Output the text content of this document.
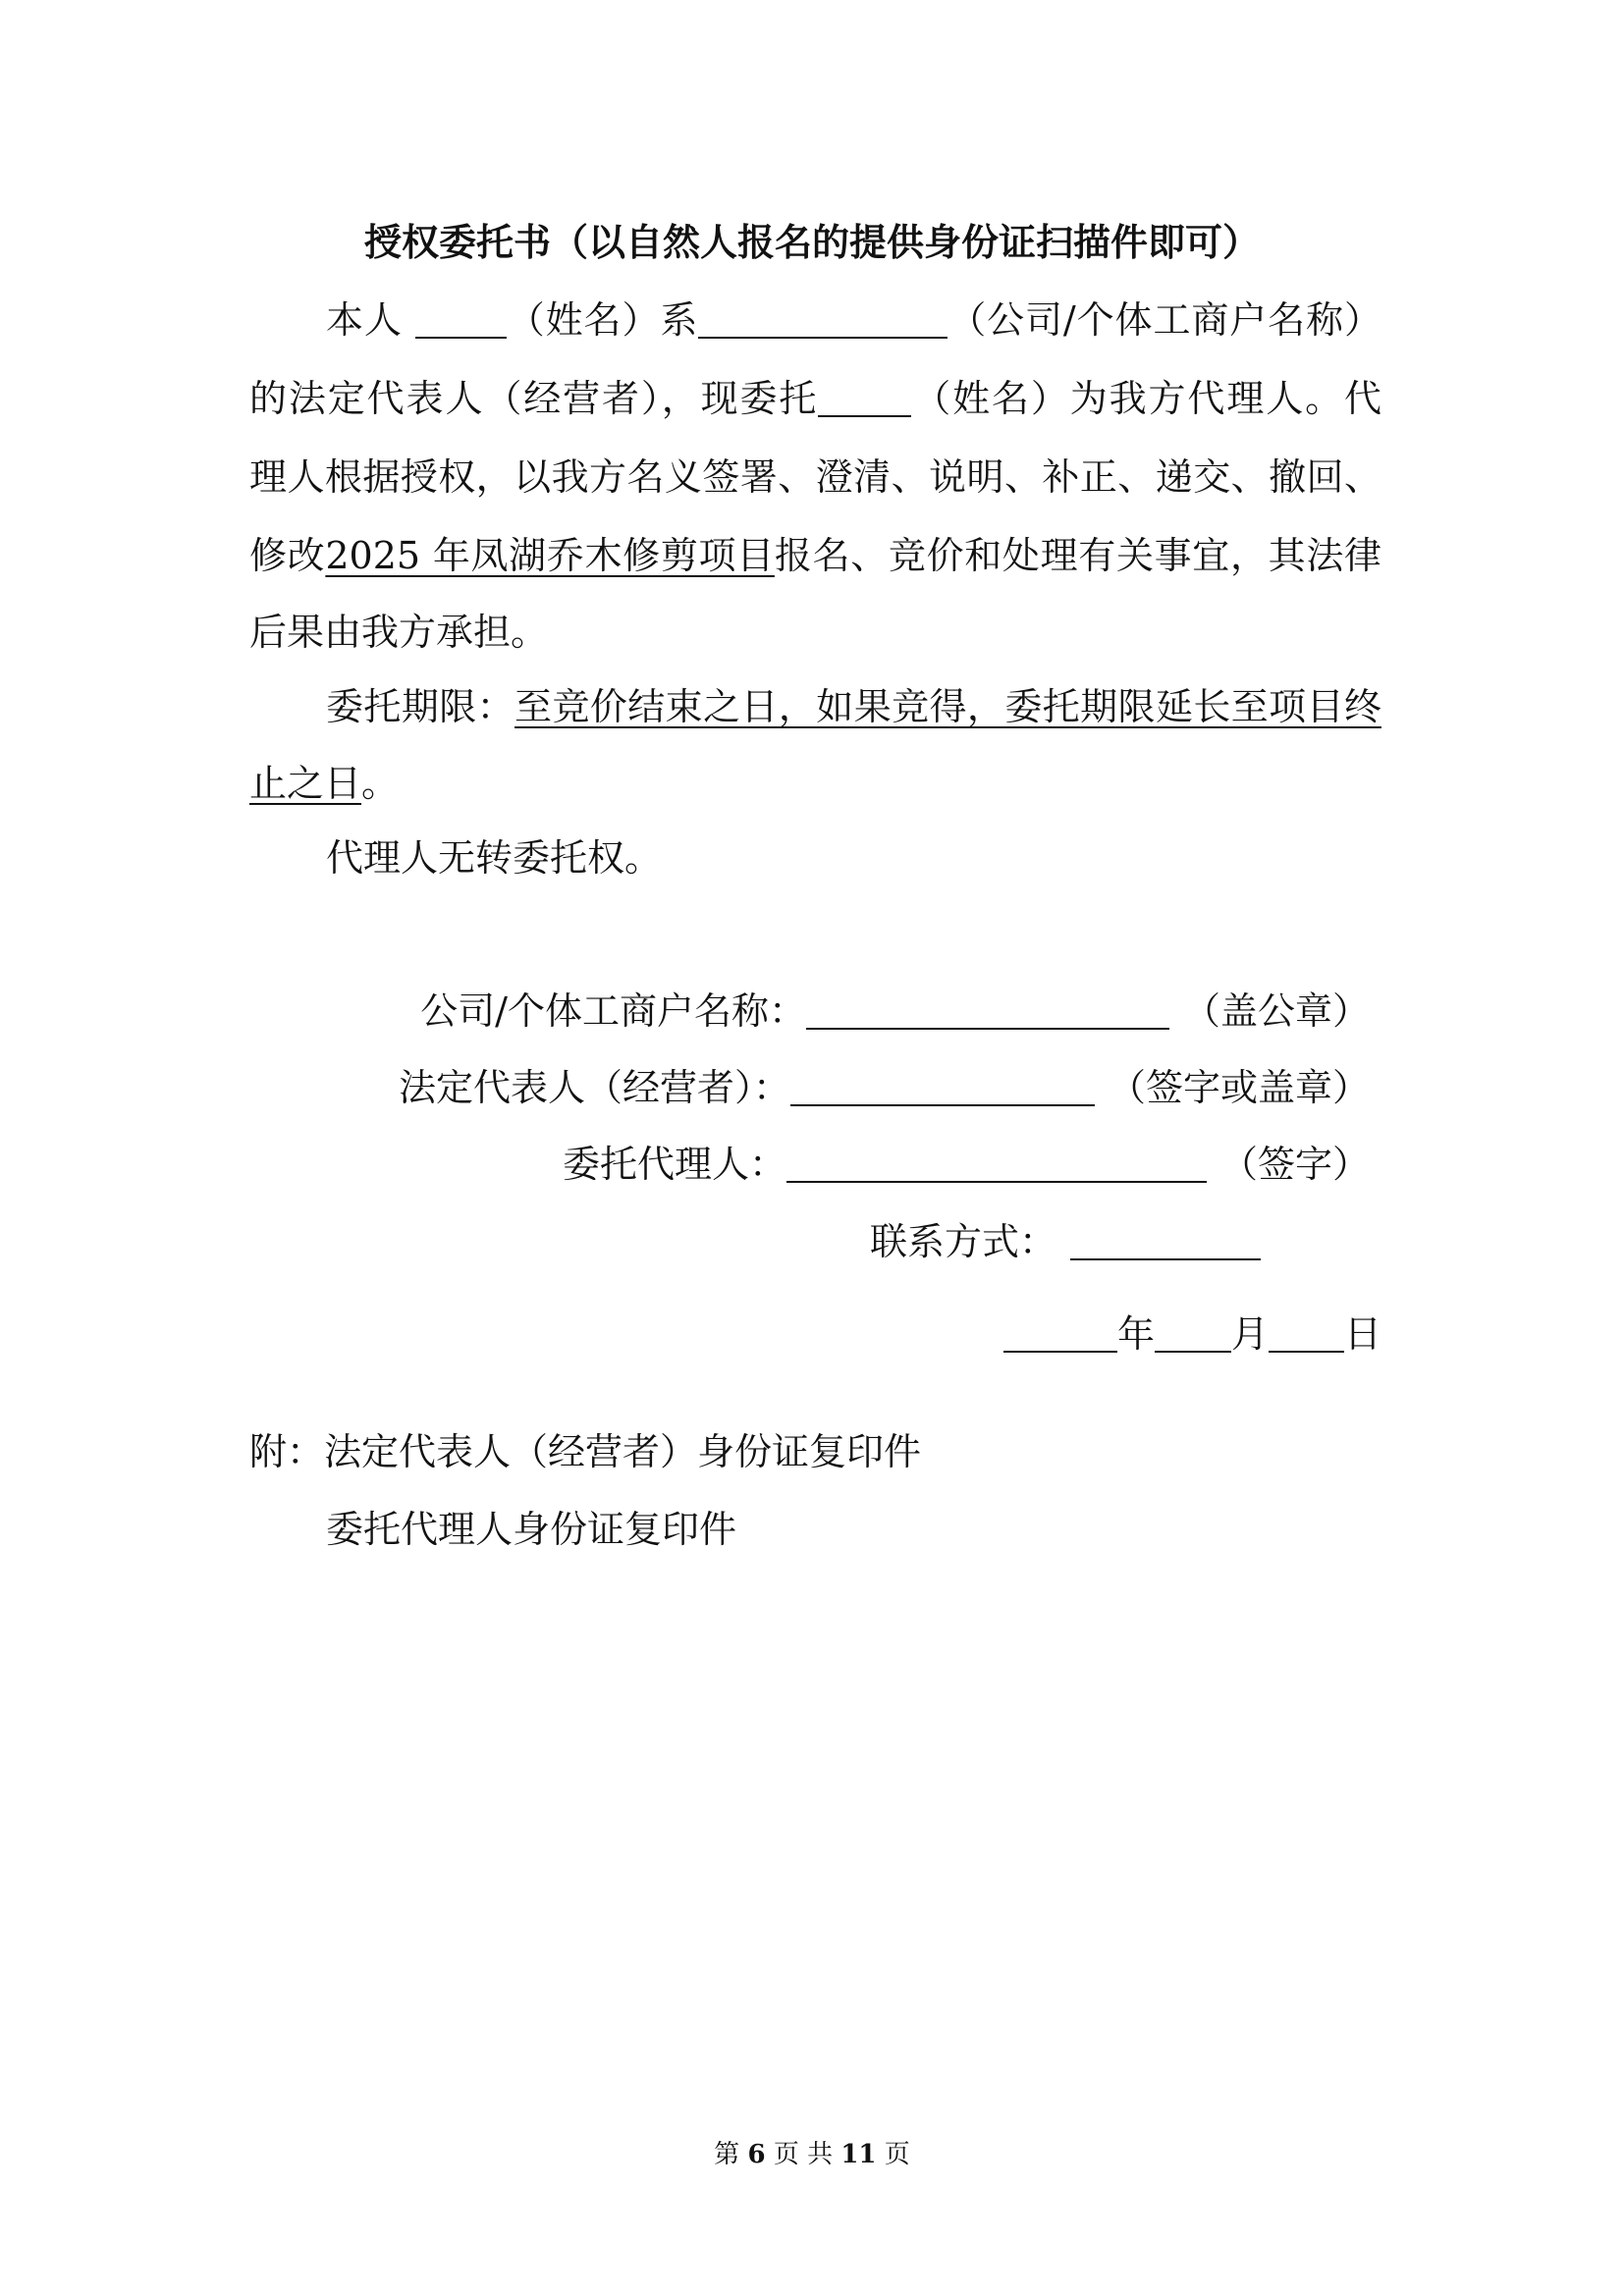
授权委托书（以自然人报名的提供身份证扫描件即可）
本人	（姓名）系	（公司/个体工商户名称）
的法定代表人（经营者），现委托	（姓名）为我方代理人。代
理人根据授权，以我方名义签署、澄清、说明、补正、递交、撤回、
修改2025 年凤湖乔木修剪项目报名、竞价和处理有关事宜，其法律
后果由我方承担。
委托期限：至竞价结束之日，如果竞得，委托期限延长至项目终
止之日。
代理人无转委托权。
公司/个体工商户名称：	（盖公章）
法定代表人（经营者）：	（签字或盖章）
委托代理人：	（签字）
联系方式：
年 月 日
附：法定代表人（经营者）身份证复印件
委托代理人身份证复印件
第 6 页 共 11 页
